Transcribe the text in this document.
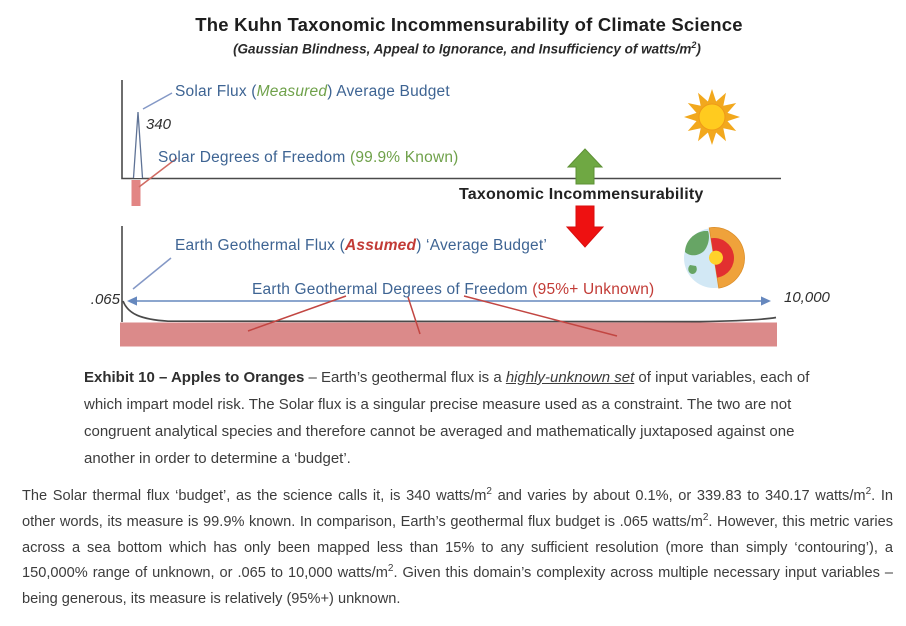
The Kuhn Taxonomic Incommensurability of Climate Science
(Gaussian Blindness, Appeal to Ignorance, and Insufficiency of watts/$m^2$)
Solar Flux (Measured) Average Budget
340
Solar Degrees of Freedom (99.9% Known)
Taxonomic Incommensurability
Earth Geothermal Flux (Assumed) ‘Average Budget’
Earth Geothermal Degrees of Freedom (95%+ Unknown)
.065	10,000
Exhibit 10 – Apples to Oranges – Earth’s geothermal flux is a highly-unknown set of input variables, each of which impart model risk. The Solar flux is a singular precise measure used as a constraint. The two are not congruent analytical species and therefore cannot be averaged and mathematically juxtaposed against one another in order to determine a ‘budget’.
The Solar thermal flux ‘budget’, as the science calls it, is 340 watts/$m^2$ and varies by about 0.1%, or 339.83 to 340.17 watts/$m^2$. In other words, its measure is 99.9% known. In comparison, Earth’s geothermal flux budget is .065 watts/$m^2$. However, this metric varies across a sea bottom which has only been mapped less than 15% to any sufficient resolution (more than simply ‘contouring’), a 150,000% range of unknown, or .065 to 10,000 watts/$m^2$. Given this domain’s complexity across multiple necessary input variables – being generous, its measure is relatively (95%+) unknown.
